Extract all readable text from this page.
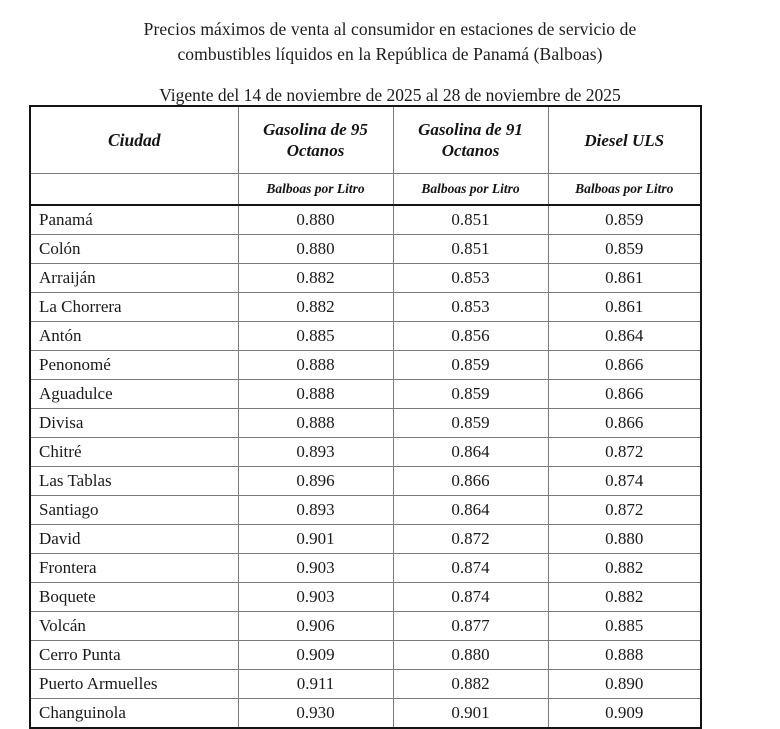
Precios máximos de venta al consumidor en estaciones de servicio de
combustibles líquidos en la República de Panamá (Balboas)
Vigente del 14 de noviembre de 2025 al 28 de noviembre de 2025
Ciudad	Gasolina de 95 Octanos	Gasolina de 91 Octanos	Diesel ULS
	Balboas por Litro	Balboas por Litro	Balboas por Litro
Panamá	0.880	0.851	0.859
Colón	0.880	0.851	0.859
Arraiján	0.882	0.853	0.861
La Chorrera	0.882	0.853	0.861
Antón	0.885	0.856	0.864
Penonomé	0.888	0.859	0.866
Aguadulce	0.888	0.859	0.866
Divisa	0.888	0.859	0.866
Chitré	0.893	0.864	0.872
Las Tablas	0.896	0.866	0.874
Santiago	0.893	0.864	0.872
David	0.901	0.872	0.880
Frontera	0.903	0.874	0.882
Boquete	0.903	0.874	0.882
Volcán	0.906	0.877	0.885
Cerro Punta	0.909	0.880	0.888
Puerto Armuelles	0.911	0.882	0.890
Changuinola	0.930	0.901	0.909
